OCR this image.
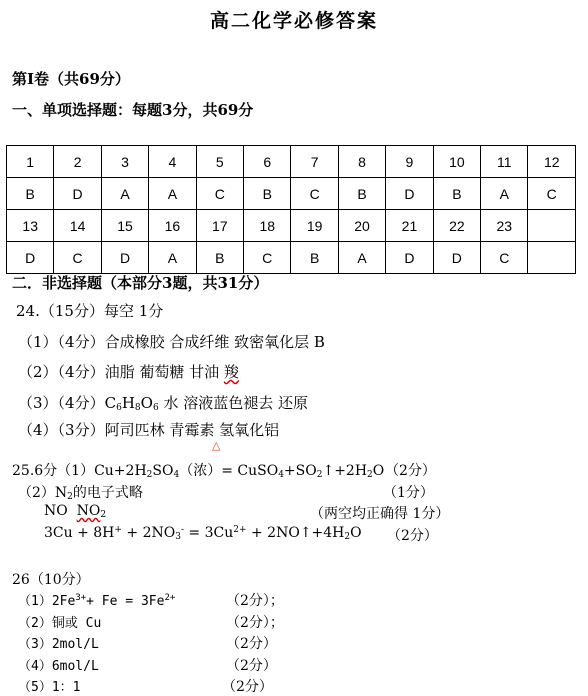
高二化学必修答案
第Ⅰ卷（共69分）
一、单项选择题：每题3分，共69分
1	2	3	4	5	6	7	8	9	10	11	12
B	D	A	A	C	B	C	B	D	B	A	C
13	14	15	16	17	18	19	20	21	22	23	
D	C	D	A	B	C	B	A	D	D	C	
二．非选择题（本部分3题，共31分）
24.（15分）每空 1分
（1）（4分）合成橡胶 合成纤维 致密氧化层 B
（2）（4分）油脂 葡萄糖 甘油 羧
（3）（4分）C6H8O6 水 溶液蓝色褪去 还原
（4）（3分）阿司匹林 青霉素 氢氧化铝
△
25.6分（1）Cu+2H2SO4（浓）= CuSO4+SO2↑+2H2O （2分）
（2）N2的电子式略	（1分）
NO NO2	（两空均正确得 1分）
$3Cu + 8H^+ + 2NO3^- = 3Cu^{2+}$ + 2NO↑+4H2O （2分）
26（10分）
$(1)2Fe^{3+}+ Fe = 3Fe^{2+}$	（2分）；
（2）铜或 Cu	（2分）；
（3）2mol/L	（2分）
（4）6mol/L	（2分）
（5）1：1	（2分）
